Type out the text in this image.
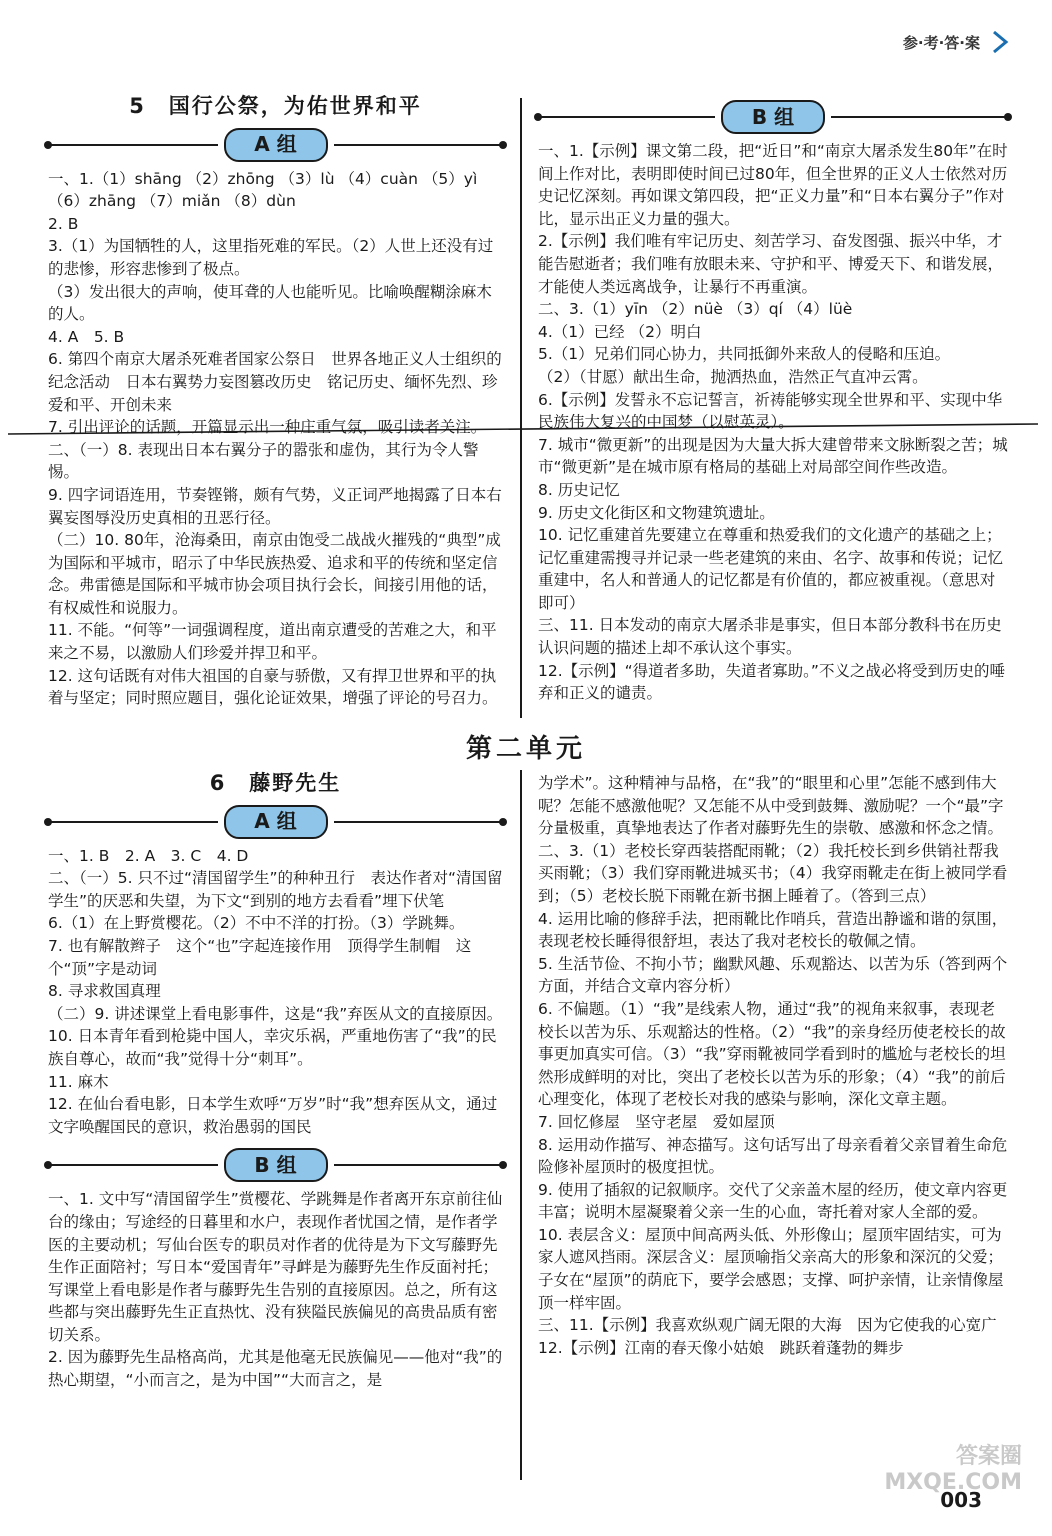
参·考·答·案

5　国行公祭，为佑世界和平

A 组

一、1.（1）shāng （2）zhōng （3）lù （4）cuàn （5）yì

（6）zhāng （7）miǎn （8）dùn

2. B

3.（1）为国牺牲的人，这里指死难的军民。（2）人世上还没有过的悲惨，形容悲惨到了极点。

（3）发出很大的声响，使耳聋的人也能听见。比喻唤醒糊涂麻木的人。

4. A　5. B

6. 第四个南京大屠杀死难者国家公祭日　世界各地正义人士组织的纪念活动　日本右翼势力妄图篡改历史　铭记历史、缅怀先烈、珍爱和平、开创未来

7. 引出评论的话题，开篇显示出一种庄重气氛，吸引读者关注。

二、（一）8. 表现出日本右翼分子的嚣张和虚伪，其行为令人警惕。

9. 四字词语连用，节奏铿锵，颇有气势，义正词严地揭露了日本右翼妄图辱没历史真相的丑恶行径。

（二）10. 80年，沧海桑田，南京由饱受二战战火摧残的“典型”成为国际和平城市，昭示了中华民族热爱、追求和平的传统和坚定信念。弗雷德是国际和平城市协会项目执行会长，间接引用他的话，有权威性和说服力。

11. 不能。“何等”一词强调程度，道出南京遭受的苦难之大，和平来之不易，以激励人们珍爱并捍卫和平。

12. 这句话既有对伟大祖国的自豪与骄傲，又有捍卫世界和平的执着与坚定；同时照应题目，强化论证效果，增强了评论的号召力。

B 组

一、1.【示例】课文第二段，把“近日”和“南京大屠杀发生80年”在时间上作对比，表明即使时间已过80年，但全世界的正义人士依然对历史记忆深刻。再如课文第四段，把“正义力量”和“日本右翼分子”作对比，显示出正义力量的强大。

2.【示例】我们唯有牢记历史、刻苦学习、奋发图强、振兴中华，才能告慰逝者；我们唯有放眼未来、守护和平、博爱天下、和谐发展，才能使人类远离战争，让暴行不再重演。

二、3.（1）yīn （2）nüè （3）qí （4）lüè

4.（1）已经 （2）明白

5.（1）兄弟们同心协力，共同抵御外来敌人的侵略和压迫。

（2）（甘愿）献出生命，抛洒热血，浩然正气直冲云霄。

6.【示例】发誓永不忘记誓言，祈祷能够实现全世界和平、实现中华民族伟大复兴的中国梦（以慰英灵）。

7. 城市“微更新”的出现是因为大量大拆大建曾带来文脉断裂之苦；城市“微更新”是在城市原有格局的基础上对局部空间作些改造。

8. 历史记忆

9. 历史文化街区和文物建筑遗址。

10. 记忆重建首先要建立在尊重和热爱我们的文化遗产的基础之上；记忆重建需搜寻并记录一些老建筑的来由、名字、故事和传说；记忆重建中，名人和普通人的记忆都是有价值的，都应被重视。（意思对即可）

三、11. 日本发动的南京大屠杀非是事实，但日本部分教科书在历史认识问题的描述上却不承认这个事实。

12.【示例】“得道者多助，失道者寡助。”不义之战必将受到历史的唾弃和正义的谴责。

第二单元

6　藤野先生

A 组

一、1. B　2. A　3. C　4. D

二、（一）5. 只不过“清国留学生”的种种丑行　表达作者对“清国留学生”的厌恶和失望，为下文“到别的地方去看看”埋下伏笔

6.（1）在上野赏樱花。（2）不中不洋的打扮。（3）学跳舞。

7. 也有解散辫子　这个“也”字起连接作用　顶得学生制帽　这个“顶”字是动词

8. 寻求救国真理

（二）9. 讲述课堂上看电影事件，这是“我”弃医从文的直接原因。

10. 日本青年看到枪毙中国人，幸灾乐祸，严重地伤害了“我”的民族自尊心，故而“我”觉得十分“刺耳”。

11. 麻木

12. 在仙台看电影，日本学生欢呼“万岁”时“我”想弃医从文，通过文字唤醒国民的意识，救治愚弱的国民

B 组

一、1. 文中写“清国留学生”赏樱花、学跳舞是作者离开东京前往仙台的缘由；写途经的日暮里和水户，表现作者忧国之情，是作者学医的主要动机；写仙台医专的职员对作者的优待是为下文写藤野先生作正面陪衬；写日本“爱国青年”寻衅是为藤野先生作反面衬托；写课堂上看电影是作者与藤野先生告别的直接原因。总之，所有这些都与突出藤野先生正直热忱、没有狭隘民族偏见的高贵品质有密切关系。

2. 因为藤野先生品格高尚，尤其是他毫无民族偏见——他对“我”的热心期望，“小而言之，是为中国”“大而言之，是

为学术”。这种精神与品格，在“我”的“眼里和心里”怎能不感到伟大呢？怎能不感激他呢？又怎能不从中受到鼓舞、激励呢？一个“最”字分量极重，真挚地表达了作者对藤野先生的崇敬、感激和怀念之情。

二、3.（1）老校长穿西装搭配雨靴；（2）我托校长到乡供销社帮我买雨靴；（3）我们穿雨靴进城买书；（4）我穿雨靴走在街上被同学看到；（5）老校长脱下雨靴在新书捆上睡着了。（答到三点）

4. 运用比喻的修辞手法，把雨靴比作哨兵，营造出静谧和谐的氛围，表现老校长睡得很舒坦，表达了我对老校长的敬佩之情。

5. 生活节俭、不拘小节；幽默风趣、乐观豁达、以苦为乐（答到两个方面，并结合文章内容分析）

6. 不偏题。（1）“我”是线索人物，通过“我”的视角来叙事，表现老校长以苦为乐、乐观豁达的性格。（2）“我”的亲身经历使老校长的故事更加真实可信。（3）“我”穿雨靴被同学看到时的尴尬与老校长的坦然形成鲜明的对比，突出了老校长以苦为乐的形象；（4）“我”的前后心理变化，体现了老校长对我的感染与影响，深化文章主题。

7. 回忆修屋　坚守老屋　爱如屋顶

8. 运用动作描写、神态描写。这句话写出了母亲看着父亲冒着生命危险修补屋顶时的极度担忧。

9. 使用了插叙的记叙顺序。交代了父亲盖木屋的经历，使文章内容更丰富；说明木屋凝聚着父亲一生的心血，寄托着对家人全部的爱。

10. 表层含义：屋顶中间高两头低、外形像山；屋顶牢固结实，可为家人遮风挡雨。深层含义：屋顶喻指父亲高大的形象和深沉的父爱；子女在“屋顶”的荫庇下，要学会感恩；支撑、呵护亲情，让亲情像屋顶一样牢固。

三、11.【示例】我喜欢纵观广阔无限的大海　因为它使我的心宽广

12.【示例】江南的春天像小姑娘　跳跃着蓬勃的舞步

答案圈
MXQE.COM
003
